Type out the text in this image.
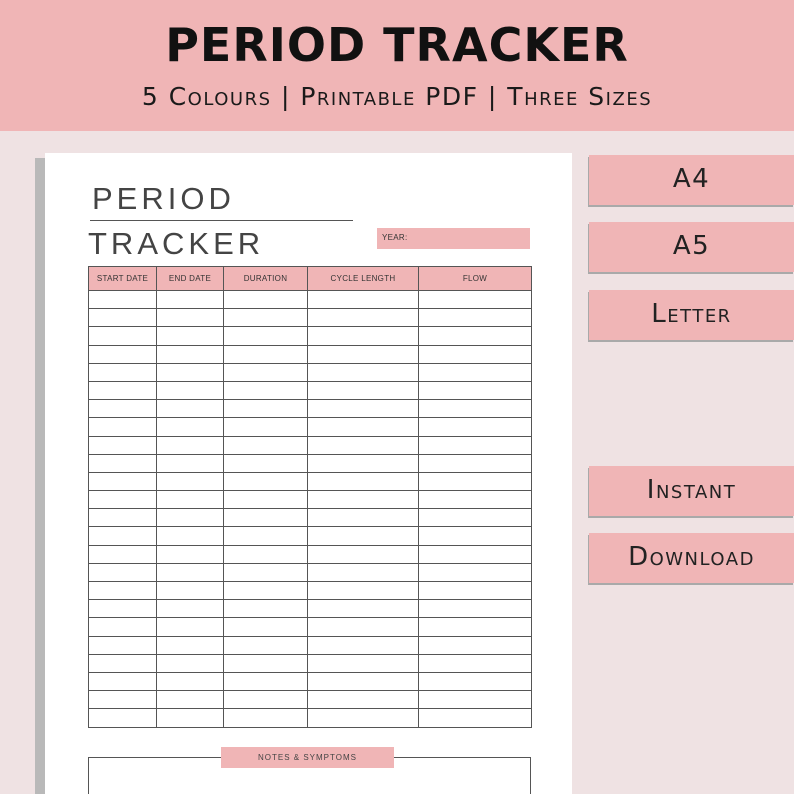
PERIOD TRACKER
5 Colours | Printable PDF | Three Sizes
PERIOD
TRACKER	YEAR:
START DATE	END DATE	DURATION	CYCLE LENGTH	FLOW

NOTES & SYMPTOMS
A4
A5
Letter
Instant
Download
